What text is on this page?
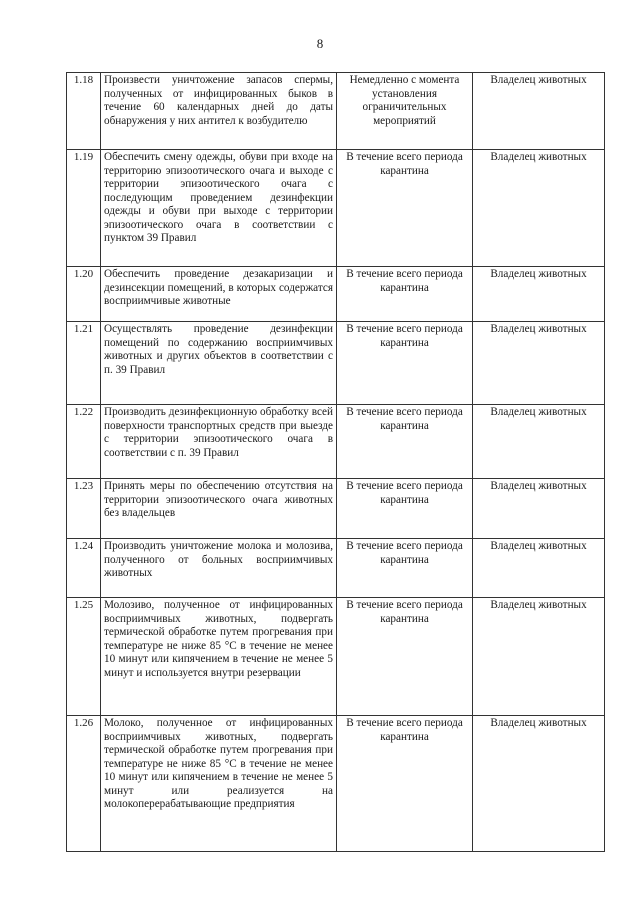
8
1.18	Произвести уничтожение запасов спермы, полученных от инфицированных быков в течение 60 календарных дней до даты обнаружения у них антител к возбудителю	Немедленно с момента установления ограничительных мероприятий	Владелец животных
1.19	Обеспечить смену одежды, обуви при входе на территорию эпизоотического очага и выходе с территории эпизоотического очага с последующим проведением дезинфекции одежды и обуви при выходе с территории эпизоотического очага в соответствии с пунктом 39 Правил	В течение всего периода карантина	Владелец животных
1.20	Обеспечить проведение дезакаризации и дезинсекции помещений, в которых содержатся восприимчивые животные	В течение всего периода карантина	Владелец животных
1.21	Осуществлять проведение дезинфекции помещений по содержанию восприимчивых животных и других объектов в соответствии с п. 39 Правил	В течение всего периода карантина	Владелец животных
1.22	Производить дезинфекционную обработку всей поверхности транспортных средств при выезде с территории эпизоотического очага в соответствии с п. 39 Правил	В течение всего периода карантина	Владелец животных
1.23	Принять меры по обеспечению отсутствия на территории эпизоотического очага животных без владельцев	В течение всего периода карантина	Владелец животных
1.24	Производить уничтожение молока и молозива, полученного от больных восприимчивых животных	В течение всего периода карантина	Владелец животных
1.25	Молозиво, полученное от инфицированных восприимчивых животных, подвергать термической обработке путем прогревания при температуре не ниже 85 °С в течение не менее 10 минут или кипячением в течение не менее 5 минут и используется внутри резервации	В течение всего периода карантина	Владелец животных
1.26	Молоко, полученное от инфицированных восприимчивых животных, подвергать термической обработке путем прогревания при температуре не ниже 85 °С в течение не менее 10 минут или кипячением в течение не менее 5 минут или реализуется на молокоперерабатывающие предприятия	В течение всего периода карантина	Владелец животных
